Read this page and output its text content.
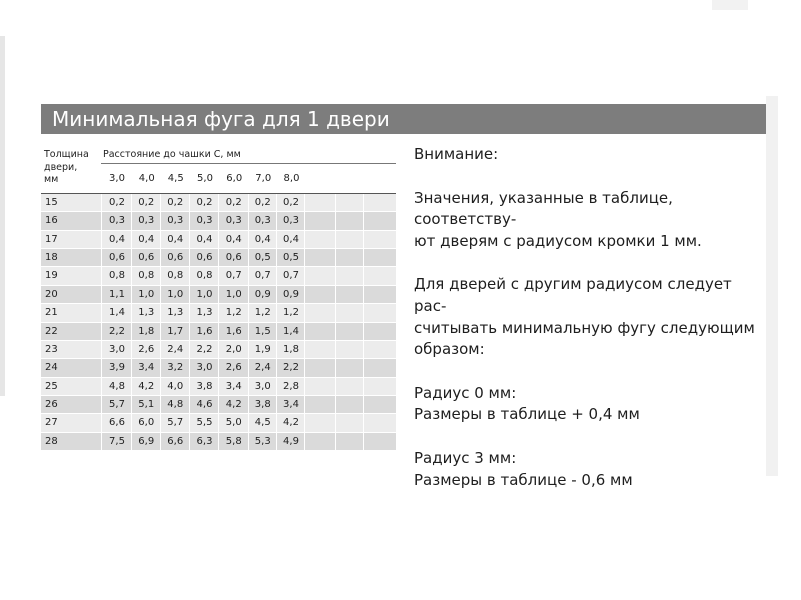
Минимальная фуга для 1 двери
Толщина
двери,
мм
Расстояние до чашки С, мм
3,0	4,0	4,5	5,0	6,0	7,0	8,0
15	0,2	0,2	0,2	0,2	0,2	0,2	0,2
16	0,3	0,3	0,3	0,3	0,3	0,3	0,3
17	0,4	0,4	0,4	0,4	0,4	0,4	0,4
18	0,6	0,6	0,6	0,6	0,6	0,5	0,5
19	0,8	0,8	0,8	0,8	0,7	0,7	0,7
20	1,1	1,0	1,0	1,0	1,0	0,9	0,9
21	1,4	1,3	1,3	1,3	1,2	1,2	1,2
22	2,2	1,8	1,7	1,6	1,6	1,5	1,4
23	3,0	2,6	2,4	2,2	2,0	1,9	1,8
24	3,9	3,4	3,2	3,0	2,6	2,4	2,2
25	4,8	4,2	4,0	3,8	3,4	3,0	2,8
26	5,7	5,1	4,8	4,6	4,2	3,8	3,4
27	6,6	6,0	5,7	5,5	5,0	4,5	4,2
28	7,5	6,9	6,6	6,3	5,8	5,3	4,9

Внимание:

Значения, указанные в таблице, соответству-
ют дверям с радиусом кромки 1 мм.

Для дверей с другим радиусом следует рас-
считывать минимальную фугу следующим
образом:

Радиус 0 мм:
Размеры в таблице + 0,4 мм

Радиус 3 мм:
Размеры в таблице - 0,6 мм
